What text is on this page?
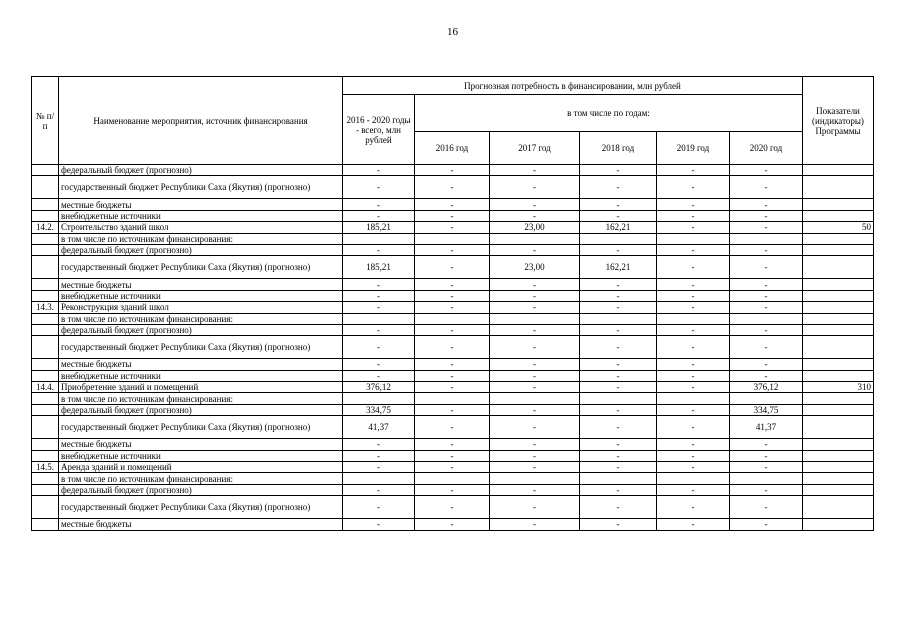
16
№ п/п	Наименование мероприятия, источник финансирования	Прогнозная потребность в финансировании, млн рублей						Показатели (индикаторы) Программы
		2016 - 2020 годы - всего, млн рублей	в том числе по годам:					
			2016 год	2017 год	2018 год	2019 год	2020 год	
	федеральный бюджет (прогнозно)	-	-	-	-	-	-	
	государственный бюджет Республики Саха (Якутия) (прогнозно)	-	-	-	-	-	-	
	местные бюджеты	-	-	-	-	-	-	
	внебюджетные источники	-	-	-	-	-	-	
14.2.	Строительство зданий школ	185,21	-	23,00	162,21	-	-	50
	в том числе по источникам финансирования:							
	федеральный бюджет (прогнозно)	-	-	-	-	-	-	
	государственный бюджет Республики Саха (Якутия) (прогнозно)	185,21	-	23,00	162,21	-	-	
	местные бюджеты	-	-	-	-	-	-	
	внебюджетные источники	-	-	-	-	-	-	
14.3.	Реконструкция зданий школ	-	-	-	-	-	-	
	в том числе по источникам финансирования:							
	федеральный бюджет (прогнозно)	-	-	-	-	-	-	
	государственный бюджет Республики Саха (Якутия) (прогнозно)	-	-	-	-	-	-	
	местные бюджеты	-	-	-	-	-	-	
	внебюджетные источники	-	-	-	-	-	-	
14.4.	Приобретение зданий и помещений	376,12	-	-	-	-	376,12	310
	в том числе по источникам финансирования:							
	федеральный бюджет (прогнозно)	334,75	-	-	-	-	334,75	
	государственный бюджет Республики Саха (Якутия) (прогнозно)	41,37	-	-	-	-	41,37	
	местные бюджеты	-	-	-	-	-	-	
	внебюджетные источники	-	-	-	-	-	-	
14.5.	Аренда зданий и помещений	-	-	-	-	-	-	
	в том числе по источникам финансирования:							
	федеральный бюджет (прогнозно)	-	-	-	-	-	-	
	государственный бюджет Республики Саха (Якутия) (прогнозно)	-	-	-	-	-	-	
	местные бюджеты	-	-	-	-	-	-	
